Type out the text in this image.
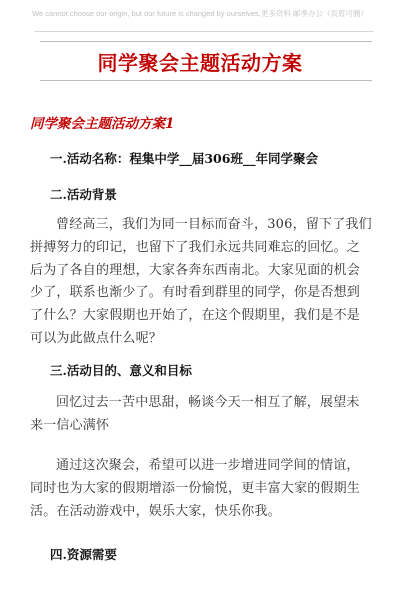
We cannot choose our origin, but our future is changed by ourselves.更多资料 邮季办公（页眉可删）
同学聚会主题活动方案
同学聚会主题活动方案1
一.活动名称：程集中学__届306班__年同学聚会
二.活动背景
曾经高三，我们为同一目标而奋斗，306，留下了我们拼搏努力的印记，也留下了我们永远共同难忘的回忆。之后为了各自的理想，大家各奔东西南北。大家见面的机会少了，联系也渐少了。有时看到群里的同学，你是否想到了什么？大家假期也开始了，在这个假期里，我们是不是可以为此做点什么呢？
三.活动目的、意义和目标
回忆过去一苦中思甜，畅谈今天一相互了解，展望未来一信心满怀
通过这次聚会，希望可以进一步增进同学间的情谊，同时也为大家的假期增添一份愉悦，更丰富大家的假期生活。在活动游戏中，娱乐大家，快乐你我。
四.资源需要
